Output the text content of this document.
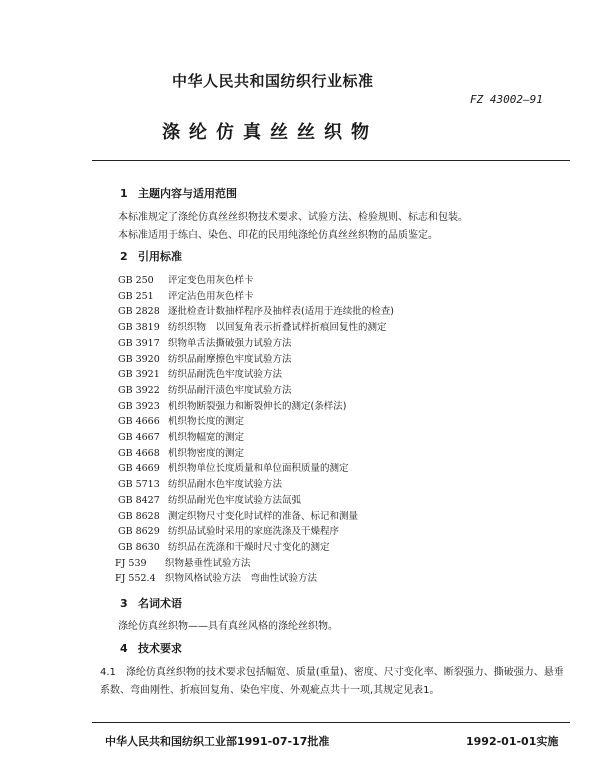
中华人民共和国纺织行业标准
FZ 43002—91
涤纶仿真丝丝织物
1 主题内容与适用范围
本标准规定了涤纶仿真丝丝织物技术要求、试验方法、检验规则、标志和包装。
本标准适用于练白、染色、印花的民用纯涤纶仿真丝丝织物的品质鉴定。
2 引用标准
GB 250 评定变色用灰色样卡
GB 251 评定沾色用灰色样卡
GB 2828 逐批检查计数抽样程序及抽样表(适用于连续批的检查)
GB 3819 纺织织物　以回复角表示折叠试样折痕回复性的测定
GB 3917 织物单舌法撕破强力试验方法
GB 3920 纺织品耐摩擦色牢度试验方法
GB 3921 纺织品耐洗色牢度试验方法
GB 3922 纺织品耐汗渍色牢度试验方法
GB 3923 机织物断裂强力和断裂伸长的测定(条样法)
GB 4666 机织物长度的测定
GB 4667 机织物幅宽的测定
GB 4668 机织物密度的测定
GB 4669 机织物单位长度质量和单位面积质量的测定
GB 5713 纺织品耐水色牢度试验方法
GB 8427 纺织品耐光色牢度试验方法氙弧
GB 8628 测定织物尺寸变化时试样的准备、标记和测量
GB 8629 纺织品试验时采用的家庭洗涤及干燥程序
GB 8630 纺织品在洗涤和干燥时尺寸变化的测定
FJ 539 织物悬垂性试验方法
FJ 552.4 织物风格试验方法　弯曲性试验方法
3 名词术语
涤纶仿真丝织物——具有真丝风格的涤纶丝织物。
4 技术要求
4.1　涤纶仿真丝织物的技术要求包括幅宽、质量(重量)、密度、尺寸变化率、断裂强力、撕破强力、悬垂
系数、弯曲刚性、折痕回复角、染色牢度、外观疵点共十一项,其规定见表1。
中华人民共和国纺织工业部1991-07-17批准	1992-01-01实施
